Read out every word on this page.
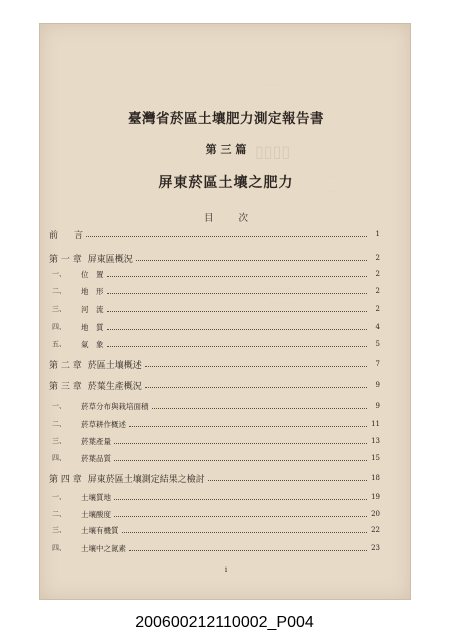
‧ ‧ ‧ ‧ ‧
▯▯▯▯
‧ ‧ ‧
‧ ‧ ‧ ‧
‧ ‧ ‧ ‧ ‧ ‧ ‧ ‧
‧ ‧ ‧ ‧ ‧ ‧ ‧
‧ ‧ ‧ ‧ ‧ ‧
臺灣省菸區土壤肥力測定報告書
第 三 篇
屏東菸區土壤之肥力
目 次
前 言	1
第 一 章 屏東區概況	2
一、 位　置	2
二、 地　形	2
三、 河　流	2
四、 地　質	4
五、 氣　象	5
第 二 章 菸區土壤概述	7
第 三 章 菸葉生產概況	9
一、 菸草分布與栽培面積	9
二、 菸草耕作概述	11
三、 菸葉產量	13
四、 菸葉品質	15
第 四 章 屏東菸區土壤測定結果之檢討	18
一、 土壤質地	19
二、 土壤酸度	20
三、 土壤有機質	22
四、 土壤中之氮素	23
i
200600212110002_P004
